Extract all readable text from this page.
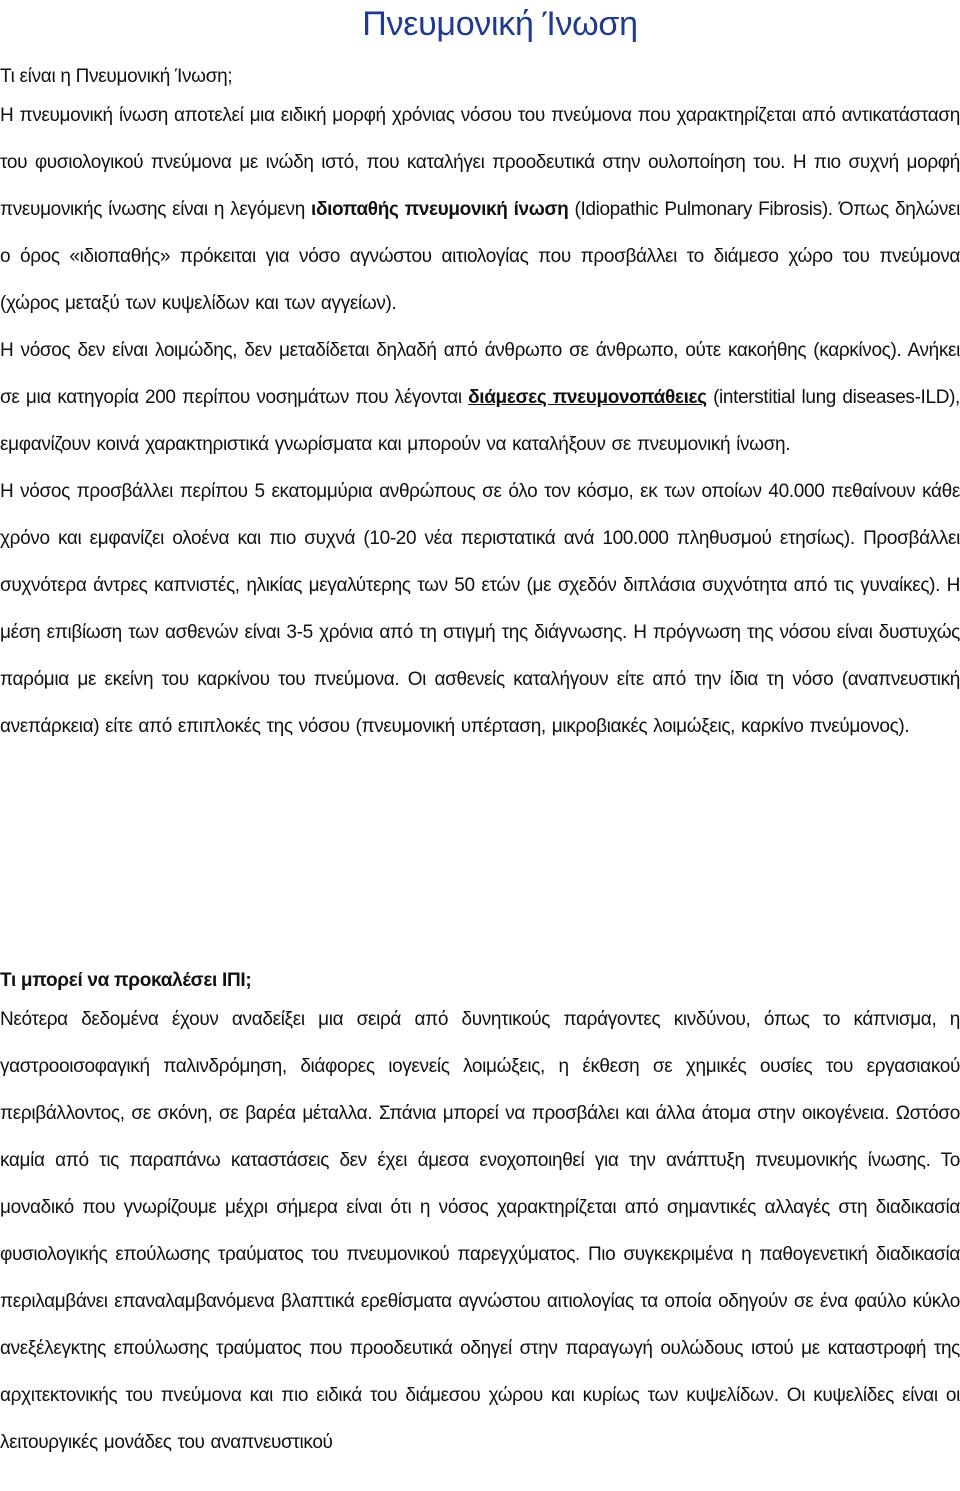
Πνευμονική Ίνωση
Τι είναι η Πνευμονική Ίνωση;

Η πνευμονική ίνωση αποτελεί μια ειδική μορφή χρόνιας νόσου του πνεύμονα που χαρακτηρίζεται από αντικατάσταση του φυσιολογικού πνεύμονα με ινώδη ιστό, που καταλήγει προοδευτικά στην ουλοποίηση του. Η πιο συχνή μορφή πνευμονικής ίνωσης είναι η λεγόμενη ιδιοπαθής πνευμονική ίνωση (Idiopathic Pulmonary Fibrosis). Όπως δηλώνει ο όρος «ιδιοπαθής» πρόκειται για νόσο αγνώστου αιτιολογίας που προσβάλλει το διάμεσο χώρο του πνεύμονα (χώρος μεταξύ των κυψελίδων και των αγγείων).

Η νόσος δεν είναι λοιμώδης, δεν μεταδίδεται δηλαδή από άνθρωπο σε άνθρωπο, ούτε κακοήθης (καρκίνος). Ανήκει σε μια κατηγορία 200 περίπου νοσημάτων που λέγονται διάμεσες πνευμονοπάθειες (interstitial lung diseases-ILD), εμφανίζουν κοινά χαρακτηριστικά γνωρίσματα και μπορούν να καταλήξουν σε πνευμονική ίνωση.

Η νόσος προσβάλλει περίπου 5 εκατομμύρια ανθρώπους σε όλο τον κόσμο, εκ των οποίων 40.000 πεθαίνουν κάθε χρόνο και εμφανίζει ολοένα και πιο συχνά (10-20 νέα περιστατικά ανά 100.000 πληθυσμού ετησίως). Προσβάλλει συχνότερα άντρες καπνιστές, ηλικίας μεγαλύτερης των 50 ετών (με σχεδόν διπλάσια συχνότητα από τις γυναίκες). Η μέση επιβίωση των ασθενών είναι 3-5 χρόνια από τη στιγμή της διάγνωσης. Η πρόγνωση της νόσου είναι δυστυχώς παρόμια με εκείνη του καρκίνου του πνεύμονα. Οι ασθενείς καταλήγουν είτε από την ίδια τη νόσο (αναπνευστική ανεπάρκεια) είτε από επιπλοκές της νόσου (πνευμονική υπέρταση, μικροβιακές λοιμώξεις, καρκίνο πνεύμονος).

Τι μπορεί να προκαλέσει ΙΠΙ;

Νεότερα δεδομένα έχουν αναδείξει μια σειρά από δυνητικούς παράγοντες κινδύνου, όπως το κάπνισμα, η γαστροοισοφαγική παλινδρόμηση, διάφορες ιογενείς λοιμώξεις, η έκθεση σε χημικές ουσίες του εργασιακού περιβάλλοντος, σε σκόνη, σε βαρέα μέταλλα. Σπάνια μπορεί να προσβάλει και άλλα άτομα στην οικογένεια. Ωστόσο καμία από τις παραπάνω καταστάσεις δεν έχει άμεσα ενοχοποιηθεί για την ανάπτυξη πνευμονικής ίνωσης. Το μοναδικό που γνωρίζουμε μέχρι σήμερα είναι ότι η νόσος χαρακτηρίζεται από σημαντικές αλλαγές στη διαδικασία φυσιολογικής επούλωσης τραύματος του πνευμονικού παρεγχύματος. Πιο συγκεκριμένα η παθογενετική διαδικασία περιλαμβάνει επαναλαμβανόμενα βλαπτικά ερεθίσματα αγνώστου αιτιολογίας τα οποία οδηγούν σε ένα φαύλο κύκλο ανεξέλεγκτης επούλωσης τραύματος που προοδευτικά οδηγεί στην παραγωγή ουλώδους ιστού με καταστροφή της αρχιτεκτονικής του πνεύμονα και πιο ειδικά του διάμεσου χώρου και κυρίως των κυψελίδων. Οι κυψελίδες είναι οι λειτουργικές μονάδες του αναπνευστικού
